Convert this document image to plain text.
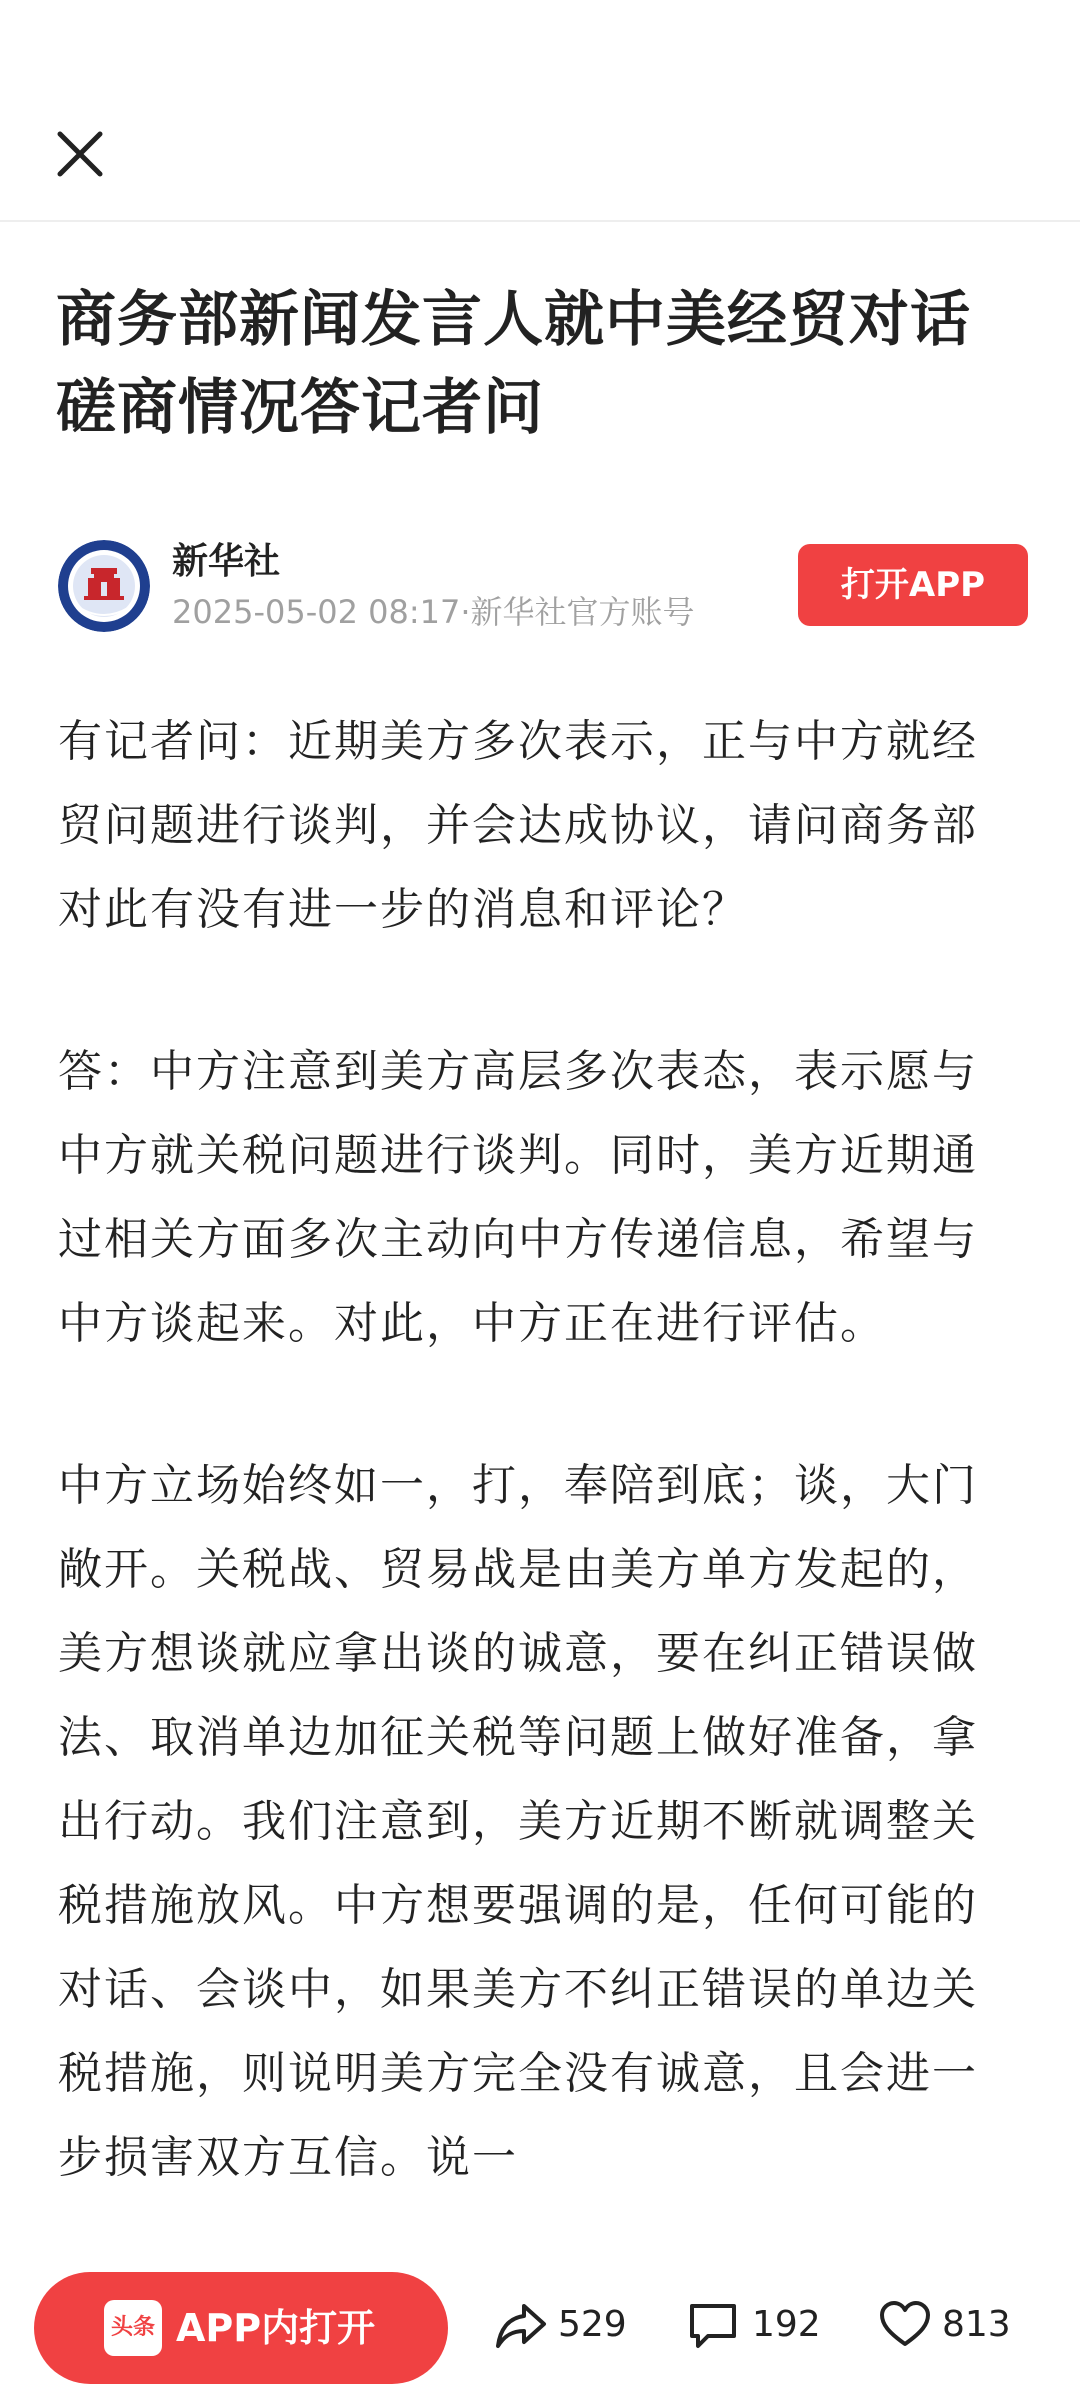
商务部新闻发言人就中美经贸对话磋商情况答记者问
新华社
2025-05-02 08:17·新华社官方账号
打开APP

有记者问：近期美方多次表示，正与中方就经贸问题进行谈判，并会达成协议，请问商务部对此有没有进一步的消息和评论？

答：中方注意到美方高层多次表态，表示愿与中方就关税问题进行谈判。同时，美方近期通过相关方面多次主动向中方传递信息，希望与中方谈起来。对此，中方正在进行评估。

中方立场始终如一，打，奉陪到底；谈，大门敞开。关税战、贸易战是由美方单方发起的，美方想谈就应拿出谈的诚意，要在纠正错误做法、取消单边加征关税等问题上做好准备，拿出行动。我们注意到，美方近期不断就调整关税措施放风。中方想要强调的是，任何可能的对话、会谈中，如果美方不纠正错误的单边关税措施，则说明美方完全没有诚意，且会进一步损害双方互信。说一

头条 APP内打开	529	192	813
